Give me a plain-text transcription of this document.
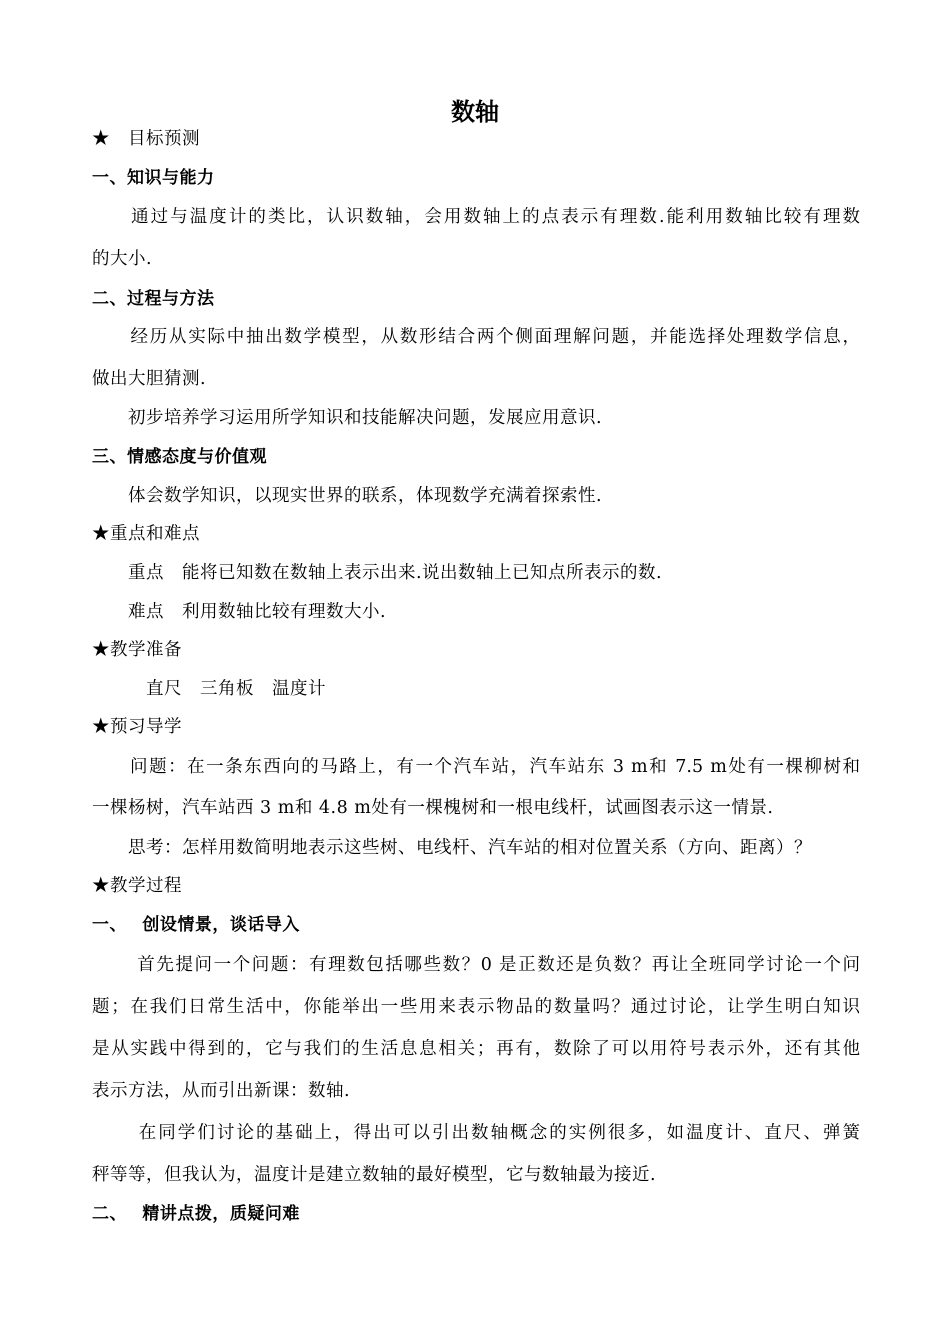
数轴
★　目标预测
一、知识与能力
　　通过与温度计的类比，认识数轴，会用数轴上的点表示有理数.能利用数轴比较有理数
的大小.
二、过程与方法
　　经历从实际中抽出数学模型，从数形结合两个侧面理解问题，并能选择处理数学信息，
做出大胆猜测.
　　初步培养学习运用所学知识和技能解决问题，发展应用意识.
三、情感态度与价值观
　　体会数学知识，以现实世界的联系，体现数学充满着探索性.
★重点和难点
　　重点　能将已知数在数轴上表示出来.说出数轴上已知点所表示的数.
　　难点　利用数轴比较有理数大小.
★教学准备
　　　直尺　三角板　温度计
★预习导学
　　问题：在一条东西向的马路上，有一个汽车站，汽车站东 3 m和 7.5 m处有一棵柳树和
一棵杨树，汽车站西 3 m和 4.8 m处有一棵槐树和一根电线杆，试画图表示这一情景.
　　思考：怎样用数简明地表示这些树、电线杆、汽车站的相对位置关系（方向、距离）？
★教学过程
一、　 创设情景，谈话导入
　　 首先提问一个问题：有理数包括哪些数？0 是正数还是负数？再让全班同学讨论一个问
题；在我们日常生活中，你能举出一些用来表示物品的数量吗？通过讨论，让学生明白知识
是从实践中得到的，它与我们的生活息息相关；再有，数除了可以用符号表示外，还有其他
表示方法，从而引出新课：数轴.
　　 在同学们讨论的基础上，得出可以引出数轴概念的实例很多，如温度计、直尺、弹簧
秤等等，但我认为，温度计是建立数轴的最好模型，它与数轴最为接近.
二、　 精讲点拨，质疑问难
